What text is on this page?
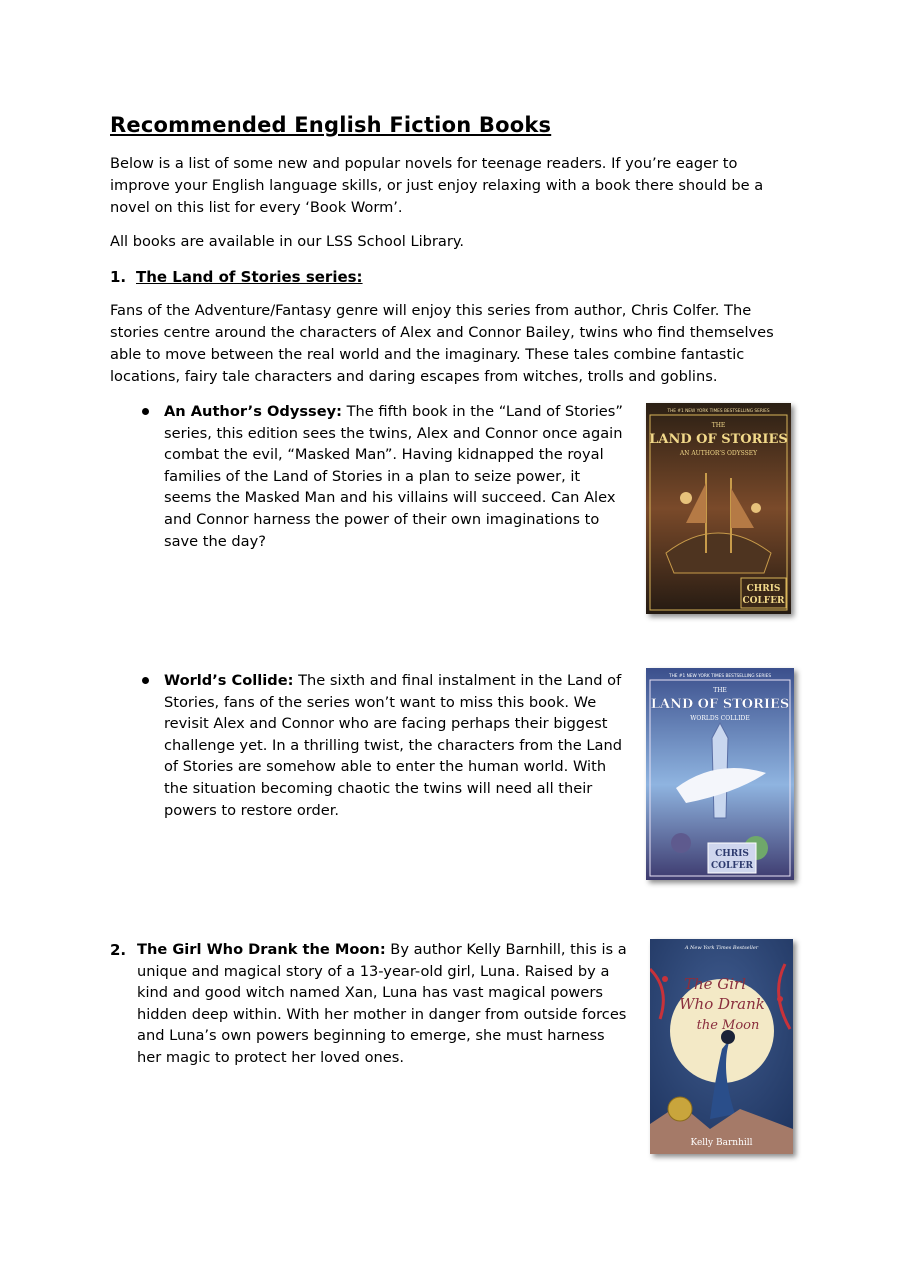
Recommended English Fiction Books

Below is a list of some new and popular novels for teenage readers. If you’re eager to improve your English language skills, or just enjoy relaxing with a book there should be a novel on this list for every ‘Book Worm’.

All books are available in our LSS School Library.

1. The Land of Stories series:

Fans of the Adventure/Fantasy genre will enjoy this series from author, Chris Colfer. The stories centre around the characters of Alex and Connor Bailey, twins who find themselves able to move between the real world and the imaginary. These tales combine fantastic locations, fairy tale characters and daring escapes from witches, trolls and goblins.

An Author’s Odyssey: The fifth book in the “Land of Stories” series, this edition sees the twins, Alex and Connor once again combat the evil, “Masked Man”. Having kidnapped the royal families of the Land of Stories in a plan to seize power, it seems the Masked Man and his villains will succeed. Can Alex and Connor harness the power of their own imaginations to save the day?

THE #1 NEW YORK TIMES BESTSELLING SERIES
THE
LAND OF STORIES
AN AUTHOR’S ODYSSEY
CHRIS
COLFER

World’s Collide: The sixth and final instalment in the Land of Stories, fans of the series won’t want to miss this book. We revisit Alex and Connor who are facing perhaps their biggest challenge yet. In a thrilling twist, the characters from the Land of Stories are somehow able to enter the human world. With the situation becoming chaotic the twins will need all their powers to restore order.

THE #1 NEW YORK TIMES BESTSELLING SERIES
THE
LAND OF STORIES
WORLDS COLLIDE
CHRIS
COLFER
2. The Girl Who Drank the Moon: By author Kelly Barnhill, this is a unique and magical story of a 13-year-old girl, Luna. Raised by a kind and good witch named Xan, Luna has vast magical powers hidden deep within. With her mother in danger from outside forces and Luna’s own powers beginning to emerge, she must harness her magic to protect her loved ones.

A New York Times Bestseller
The Girl
Who Drank
the Moon
Kelly Barnhill
